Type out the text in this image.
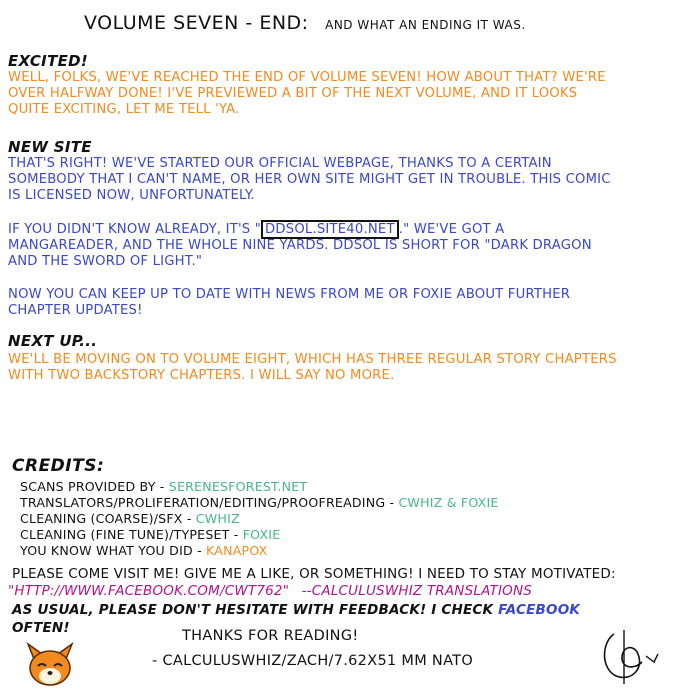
VOLUME SEVEN - END: AND WHAT AN ENDING IT WAS.
EXCITED!
WELL, FOLKS, WE'VE REACHED THE END OF VOLUME SEVEN! HOW ABOUT THAT? WE'RE
OVER HALFWAY DONE! I'VE PREVIEWED A BIT OF THE NEXT VOLUME, AND IT LOOKS
QUITE EXCITING, LET ME TELL 'YA.
NEW SITE
THAT'S RIGHT! WE'VE STARTED OUR OFFICIAL WEBPAGE, THANKS TO A CERTAIN
SOMEBODY THAT I CAN'T NAME, OR HER OWN SITE MIGHT GET IN TROUBLE. THIS COMIC
IS LICENSED NOW, UNFORTUNATELY.
IF YOU DIDN'T KNOW ALREADY, IT'S " DDSOL.SITE40.NET ." WE'VE GOT A
MANGAREADER, AND THE WHOLE NINE YARDS. DDSOL IS SHORT FOR "DARK DRAGON
AND THE SWORD OF LIGHT."
NOW YOU CAN KEEP UP TO DATE WITH NEWS FROM ME OR FOXIE ABOUT FURTHER
CHAPTER UPDATES!
NEXT UP...
WE'LL BE MOVING ON TO VOLUME EIGHT, WHICH HAS THREE REGULAR STORY CHAPTERS
WITH TWO BACKSTORY CHAPTERS. I WILL SAY NO MORE.
CREDITS:
SCANS PROVIDED BY - SERENESFOREST.NET
TRANSLATORS/PROLIFERATION/EDITING/PROOFREADING - CWHIZ & FOXIE
CLEANING (COARSE)/SFX - CWHIZ
CLEANING (FINE TUNE)/TYPESET - FOXIE
YOU KNOW WHAT YOU DID - KANAPOX
PLEASE COME VISIT ME! GIVE ME A LIKE, OR SOMETHING! I NEED TO STAY MOTIVATED:
"HTTP://WWW.FACEBOOK.COM/CWT762" --CALCULUSWHIZ TRANSLATIONS
AS USUAL, PLEASE DON'T HESITATE WITH FEEDBACK! I CHECK FACEBOOK
OFTEN!	THANKS FOR READING!
- CALCULUSWHIZ/ZACH/7.62X51 MM NATO
